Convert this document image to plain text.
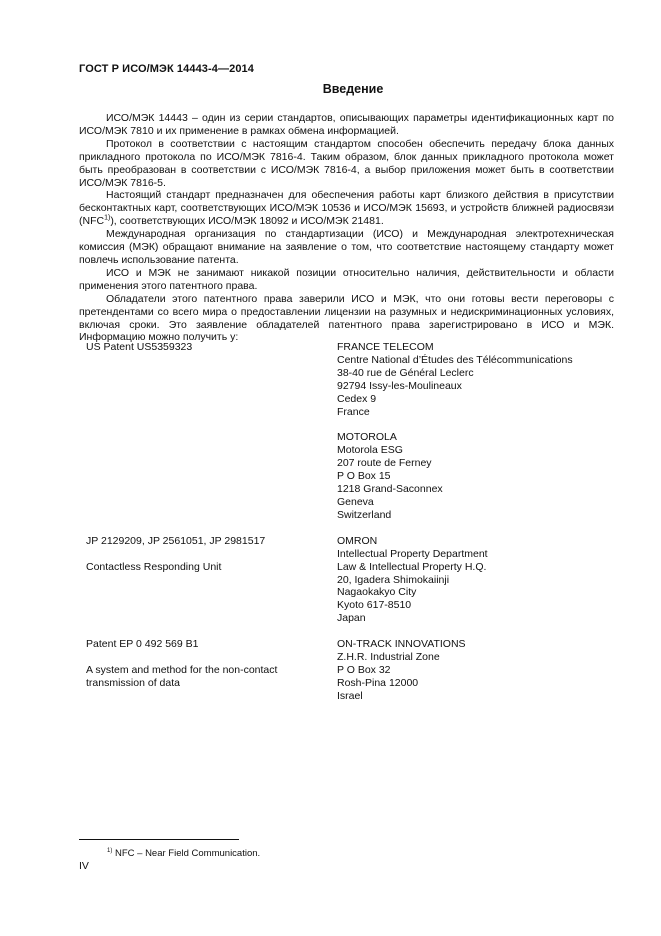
ГОСТ Р ИСО/МЭК 14443-4—2014
Введение

ИСО/МЭК 14443 – один из серии стандартов, описывающих параметры идентификационных карт по ИСО/МЭК 7810 и их применение в рамках обмена информацией.

Протокол в соответствии с настоящим стандартом способен обеспечить передачу блока данных прикладного протокола по ИСО/МЭК 7816-4. Таким образом, блок данных прикладного протокола может быть преобразован в соответствии с ИСО/МЭК 7816-4, а выбор приложения может быть в соответствии ИСО/МЭК 7816-5.

Настоящий стандарт предназначен для обеспечения работы карт близкого действия в присутствии бесконтактных карт, соответствующих ИСО/МЭК 10536 и ИСО/МЭК 15693, и устройств ближней радиосвязи (NFC$^{1)}$), соответствующих ИСО/МЭК 18092 и ИСО/МЭК 21481.

Международная организация по стандартизации (ИСО) и Международная электротехническая комиссия (МЭК) обращают внимание на заявление о том, что соответствие настоящему стандарту может повлечь использование патента.

ИСО и МЭК не занимают никакой позиции относительно наличия, действительности и области применения этого патентного права.

Обладатели этого патентного права заверили ИСО и МЭК, что они готовы вести переговоры с претендентами со всего мира о предоставлении лицензии на разумных и недискриминационных условиях, включая сроки. Это заявление обладателей патентного права зарегистрировано в ИСО и МЭК. Информацию можно получить у:

US Patent US5359323	FRANCE TELECOM
Centre National d’Études des Télécommunications
38-40 rue de Général Leclerc
92794 Issy-les-Moulineaux
Cedex 9
France
MOTOROLA
Motorola ESG
207 route de Ferney
P O Box 15
1218 Grand-Saconnex
Geneva
Switzerland
JP 2129209, JP 2561051, JP 2981517
Contactless Responding Unit
OMRON
Intellectual Property Department
Law & Intellectual Property H.Q.
20, Igadera Shimokaiinji
Nagaokakyo City
Kyoto 617-8510
Japan
Patent EP 0 492 569 B1
A system and method for the non-contact transmission of data
ON-TRACK INNOVATIONS
Z.H.R. Industrial Zone
P O Box 32
Rosh-Pina 12000
Israel
$^{1)}$ NFC – Near Field Communication.
IV
